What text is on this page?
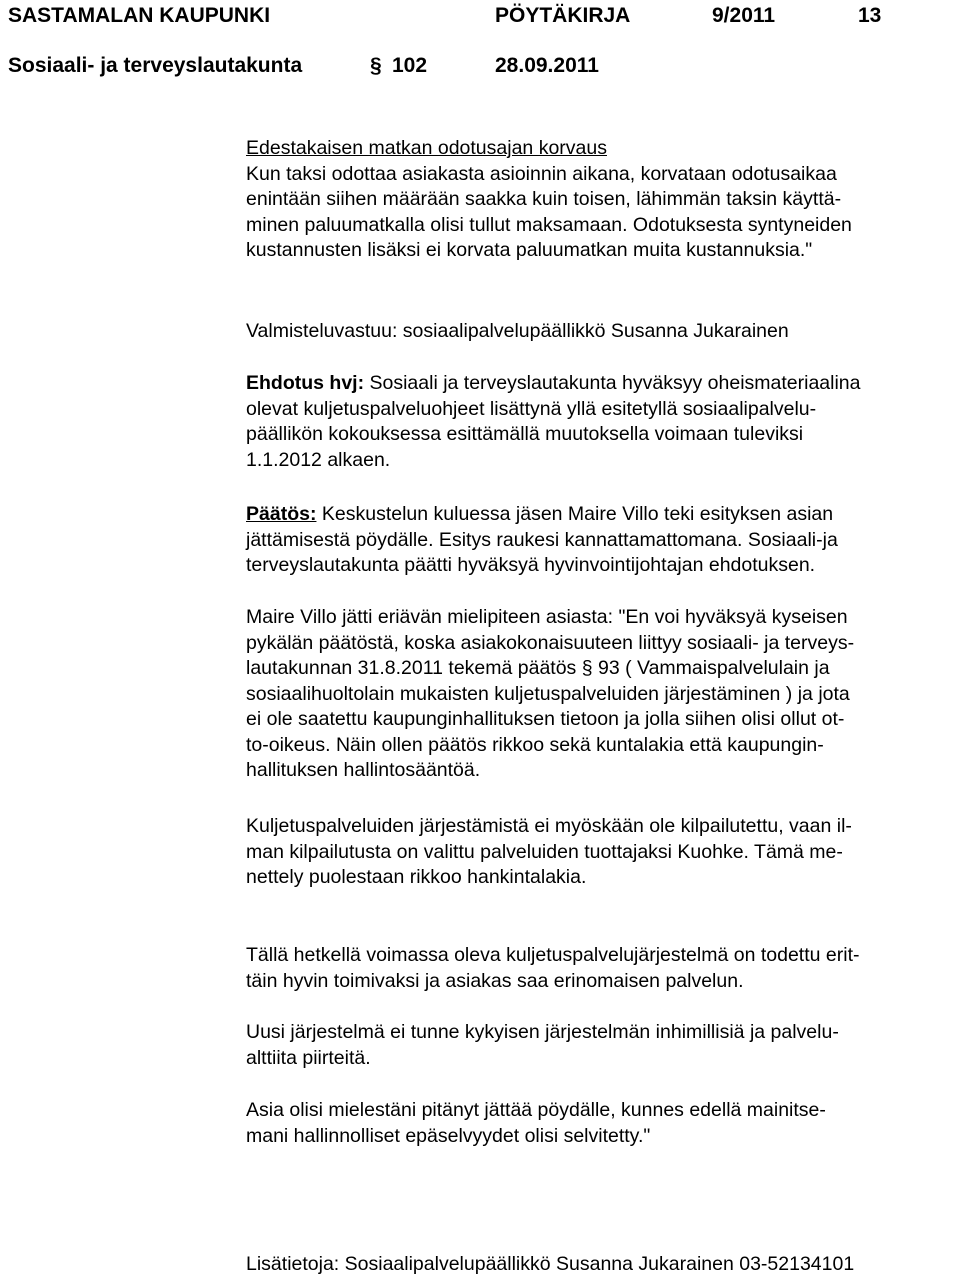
SASTAMALAN KAUPUNKI	PÖYTÄKIRJA	9/2011	13
Sosiaali- ja terveyslautakunta	§ 102	28.09.2011
Edestakaisen matkan odotusajan korvaus
Kun taksi odottaa asiakasta asioinnin aikana, korvataan odotusaikaa
enintään siihen määrään saakka kuin toisen, lähimmän taksin käyttä-
minen paluumatkalla olisi tullut maksamaan. Odotuksesta syntyneiden
kustannusten lisäksi ei korvata paluumatkan muita kustannuksia."
Valmisteluvastuu: sosiaalipalvelupäällikkö Susanna Jukarainen
Ehdotus hvj: Sosiaali ja terveyslautakunta hyväksyy oheismateriaalina
olevat kuljetuspalveluohjeet lisättynä yllä esitetyllä sosiaalipalvelu-
päällikön kokouksessa esittämällä muutoksella voimaan tuleviksi
1.1.2012 alkaen.
Päätös: Keskustelun kuluessa jäsen Maire Villo teki esityksen asian
jättämisestä pöydälle. Esitys raukesi kannattamattomana. Sosiaali-ja
terveyslautakunta päätti hyväksyä hyvinvointijohtajan ehdotuksen.
Maire Villo jätti eriävän mielipiteen asiasta: "En voi hyväksyä kyseisen
pykälän päätöstä, koska asiakokonaisuuteen liittyy sosiaali- ja terveys-
lautakunnan 31.8.2011 tekemä päätös § 93 ( Vammaispalvelulain ja
sosiaalihuoltolain mukaisten kuljetuspalveluiden järjestäminen ) ja jota
ei ole saatettu kaupunginhallituksen tietoon ja jolla siihen olisi ollut ot-
to-oikeus. Näin ollen päätös rikkoo sekä kuntalakia että kaupungin-
hallituksen hallintosääntöä.
Kuljetuspalveluiden järjestämistä ei myöskään ole kilpailutettu, vaan il-
man kilpailutusta on valittu palveluiden tuottajaksi Kuohke. Tämä me-
nettely puolestaan rikkoo hankintalakia.
Tällä hetkellä voimassa oleva kuljetuspalvelujärjestelmä on todettu erit-
täin hyvin toimivaksi ja asiakas saa erinomaisen palvelun.
Uusi järjestelmä ei tunne kykyisen järjestelmän inhimillisiä ja palvelu-
alttiita piirteitä.
Asia olisi mielestäni pitänyt jättää pöydälle, kunnes edellä mainitse-
mani hallinnolliset epäselvyydet olisi selvitetty."
Lisätietoja: Sosiaalipalvelupäällikkö Susanna Jukarainen 03-52134101
